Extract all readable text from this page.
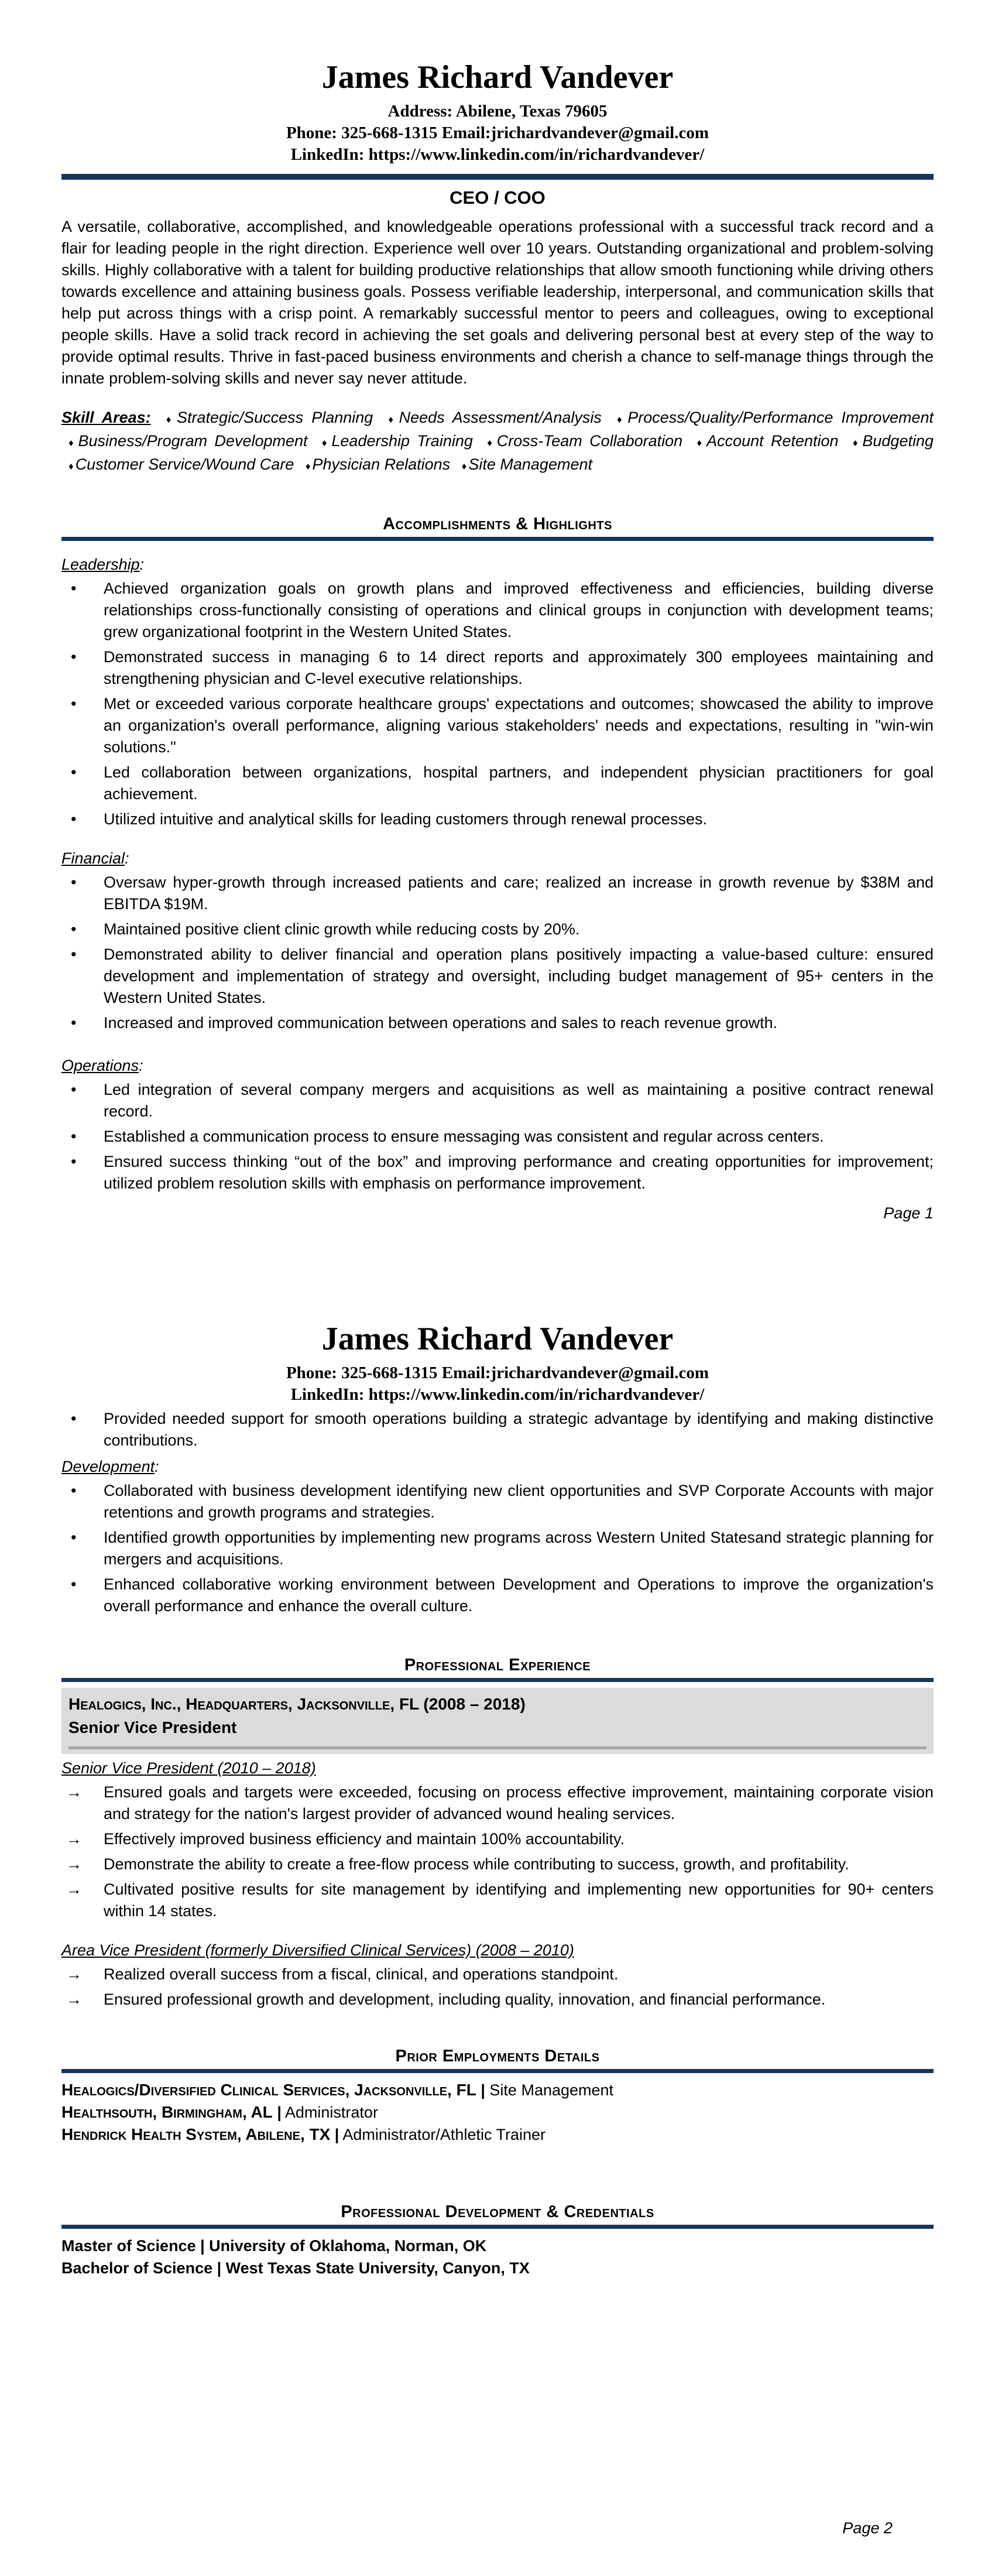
James Richard Vandever
Address: Abilene, Texas 79605
Phone: 325-668-1315 Email:jrichardvandever@gmail.com
LinkedIn: https://www.linkedin.com/in/richardvandever/
CEO / COO
A versatile, collaborative, accomplished, and knowledgeable operations professional with a successful track record and a flair for leading people in the right direction. Experience well over 10 years. Outstanding organizational and problem-solving skills. Highly collaborative with a talent for building productive relationships that allow smooth functioning while driving others towards excellence and attaining business goals. Possess verifiable leadership, interpersonal, and communication skills that help put across things with a crisp point. A remarkably successful mentor to peers and colleagues, owing to exceptional people skills. Have a solid track record in achieving the set goals and delivering personal best at every step of the way to provide optimal results. Thrive in fast-paced business environments and cherish a chance to self-manage things through the innate problem-solving skills and never say never attitude.
Skill Areas: ♦ Strategic/Success Planning ♦ Needs Assessment/Analysis ♦ Process/Quality/Performance Improvement ♦ Business/Program Development ♦ Leadership Training ♦ Cross-Team Collaboration ♦ Account Retention ♦ Budgeting ♦ Customer Service/Wound Care ♦ Physician Relations ♦ Site Management
Accomplishments & Highlights
Leadership:
•	Achieved organization goals on growth plans and improved effectiveness and efficiencies, building diverse relationships cross-functionally consisting of operations and clinical groups in conjunction with development teams; grew organizational footprint in the Western United States.
•	Demonstrated success in managing 6 to 14 direct reports and approximately 300 employees maintaining and strengthening physician and C-level executive relationships.
•	Met or exceeded various corporate healthcare groups' expectations and outcomes; showcased the ability to improve an organization's overall performance, aligning various stakeholders' needs and expectations, resulting in "win-win solutions."
•	Led collaboration between organizations, hospital partners, and independent physician practitioners for goal achievement.
•	Utilized intuitive and analytical skills for leading customers through renewal processes.
Financial:
•	Oversaw hyper-growth through increased patients and care; realized an increase in growth revenue by $38M and EBITDA $19M.
•	Maintained positive client clinic growth while reducing costs by 20%.
•	Demonstrated ability to deliver financial and operation plans positively impacting a value-based culture: ensured development and implementation of strategy and oversight, including budget management of 95+ centers in the Western United States.
•	Increased and improved communication between operations and sales to reach revenue growth.
Operations:
•	Led integration of several company mergers and acquisitions as well as maintaining a positive contract renewal record.
•	Established a communication process to ensure messaging was consistent and regular across centers.
•	Ensured success thinking “out of the box” and improving performance and creating opportunities for improvement; utilized problem resolution skills with emphasis on performance improvement.
Page 1
James Richard Vandever
Phone: 325-668-1315 Email:jrichardvandever@gmail.com
LinkedIn: https://www.linkedin.com/in/richardvandever/
•	Provided needed support for smooth operations building a strategic advantage by identifying and making distinctive contributions.
Development:
•	Collaborated with business development identifying new client opportunities and SVP Corporate Accounts with major retentions and growth programs and strategies.
•	Identified growth opportunities by implementing new programs across Western United Statesand strategic planning for mergers and acquisitions.
•	Enhanced collaborative working environment between Development and Operations to improve the organization's overall performance and enhance the overall culture.
Professional Experience
Healogics, Inc., Headquarters, Jacksonville, FL (2008 – 2018)
Senior Vice President
Senior Vice President (2010 – 2018)
→	Ensured goals and targets were exceeded, focusing on process effective improvement, maintaining corporate vision and strategy for the nation's largest provider of advanced wound healing services.
→	Effectively improved business efficiency and maintain 100% accountability.
→	Demonstrate the ability to create a free-flow process while contributing to success, growth, and profitability.
→	Cultivated positive results for site management by identifying and implementing new opportunities for 90+ centers within 14 states.
Area Vice President (formerly Diversified Clinical Services) (2008 – 2010)
→	Realized overall success from a fiscal, clinical, and operations standpoint.
→	Ensured professional growth and development, including quality, innovation, and financial performance.
Prior Employments Details
Healogics/Diversified Clinical Services, Jacksonville, FL | Site Management
Healthsouth, Birmingham, AL | Administrator
Hendrick Health System, Abilene, TX | Administrator/Athletic Trainer
Professional Development & Credentials
Master of Science | University of Oklahoma, Norman, OK
Bachelor of Science | West Texas State University, Canyon, TX
Page 2
